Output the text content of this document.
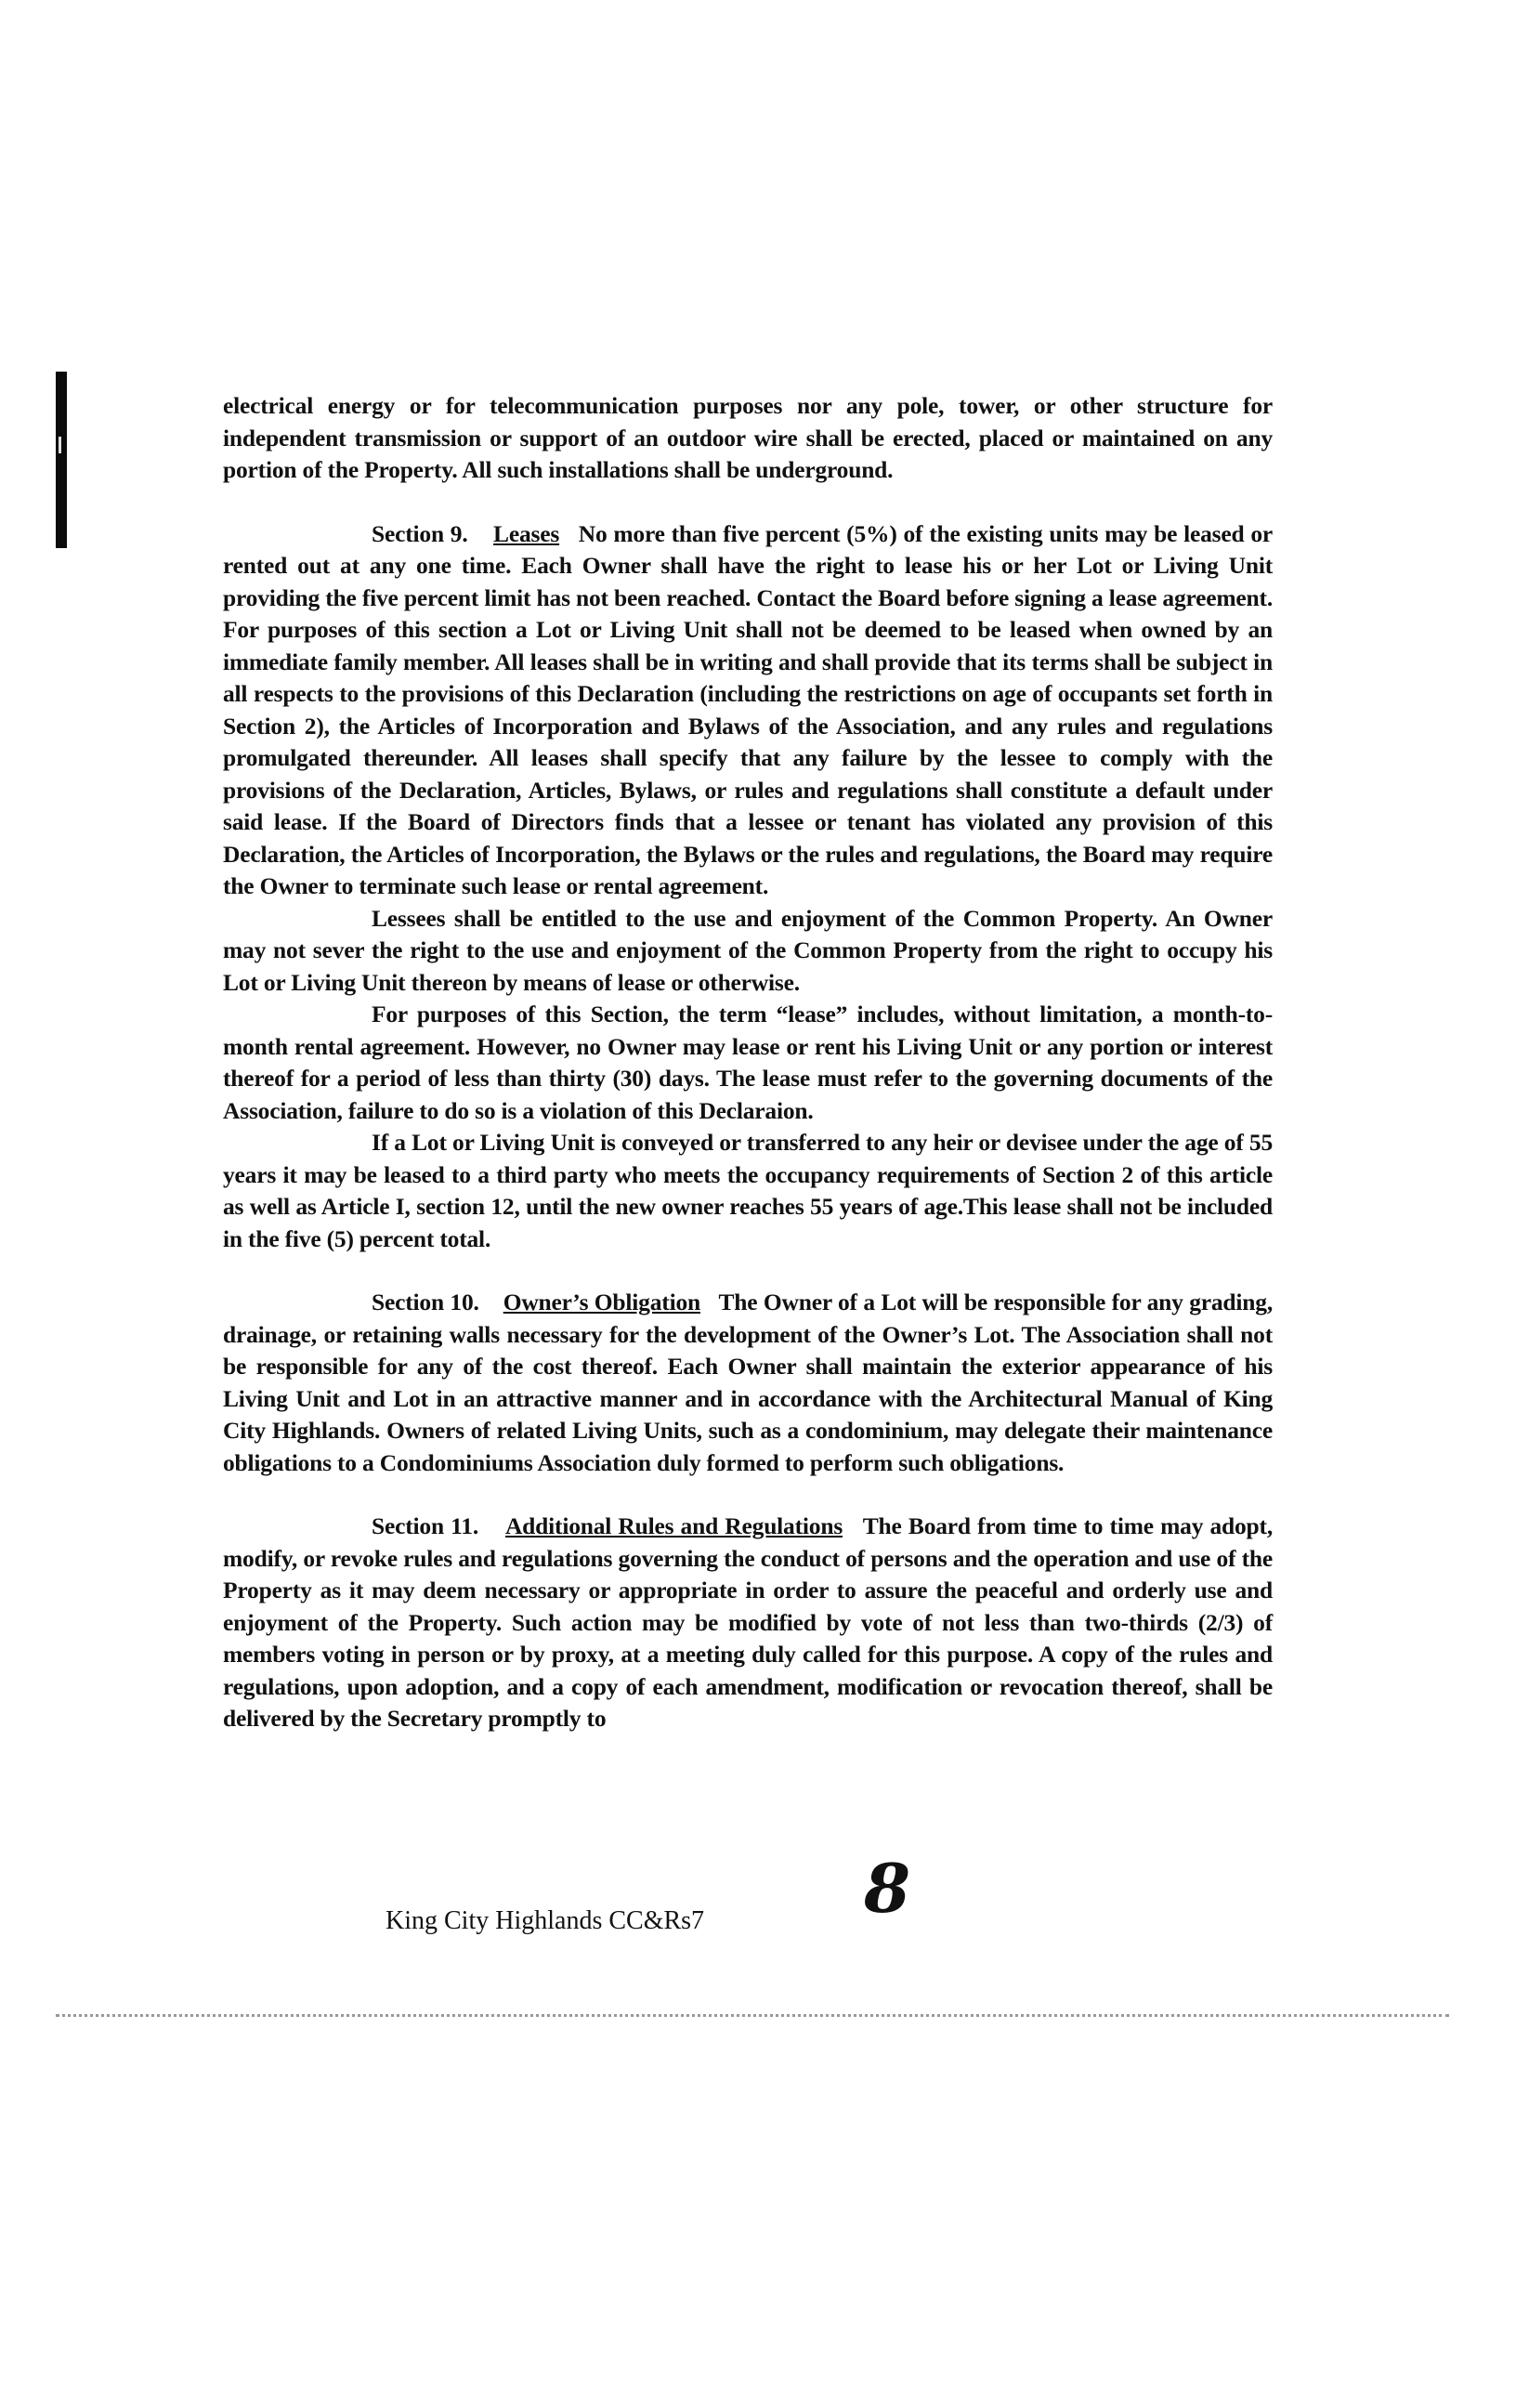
electrical energy or for telecommunication purposes nor any pole, tower, or other structure for independent transmission or support of an outdoor wire shall be erected, placed or maintained on any portion of the Property. All such installations shall be underground.

Section 9. Leases No more than five percent (5%) of the existing units may be leased or rented out at any one time. Each Owner shall have the right to lease his or her Lot or Living Unit providing the five percent limit has not been reached. Contact the Board before signing a lease agreement. For purposes of this section a Lot or Living Unit shall not be deemed to be leased when owned by an immediate family member. All leases shall be in writing and shall provide that its terms shall be subject in all respects to the provisions of this Declaration (including the restrictions on age of occupants set forth in Section 2), the Articles of Incorporation and Bylaws of the Association, and any rules and regulations promulgated thereunder. All leases shall specify that any failure by the lessee to comply with the provisions of the Declaration, Articles, Bylaws, or rules and regulations shall constitute a default under said lease. If the Board of Directors finds that a lessee or tenant has violated any provision of this Declaration, the Articles of Incorporation, the Bylaws or the rules and regulations, the Board may require the Owner to terminate such lease or rental agreement.

Lessees shall be entitled to the use and enjoyment of the Common Property. An Owner may not sever the right to the use and enjoyment of the Common Property from the right to occupy his Lot or Living Unit thereon by means of lease or otherwise.

For purposes of this Section, the term “lease” includes, without limitation, a month-to-month rental agreement. However, no Owner may lease or rent his Living Unit or any portion or interest thereof for a period of less than thirty (30) days. The lease must refer to the governing documents of the Association, failure to do so is a violation of this Declaraion.

If a Lot or Living Unit is conveyed or transferred to any heir or devisee under the age of 55 years it may be leased to a third party who meets the occupancy requirements of Section 2 of this article as well as Article I, section 12, until the new owner reaches 55 years of age.This lease shall not be included in the five (5) percent total.

Section 10. Owner’s Obligation The Owner of a Lot will be responsible for any grading, drainage, or retaining walls necessary for the development of the Owner’s Lot. The Association shall not be responsible for any of the cost thereof. Each Owner shall maintain the exterior appearance of his Living Unit and Lot in an attractive manner and in accordance with the Architectural Manual of King City Highlands. Owners of related Living Units, such as a condominium, may delegate their maintenance obligations to a Condominiums Association duly formed to perform such obligations.

Section 11. Additional Rules and Regulations The Board from time to time may adopt, modify, or revoke rules and regulations governing the conduct of persons and the operation and use of the Property as it may deem necessary or appropriate in order to assure the peaceful and orderly use and enjoyment of the Property. Such action may be modified by vote of not less than two-thirds (2/3) of members voting in person or by proxy, at a meeting duly called for this purpose. A copy of the rules and regulations, upon adoption, and a copy of each amendment, modification or revocation thereof, shall be delivered by the Secretary promptly to

King City Highlands CC&Rs7 8
